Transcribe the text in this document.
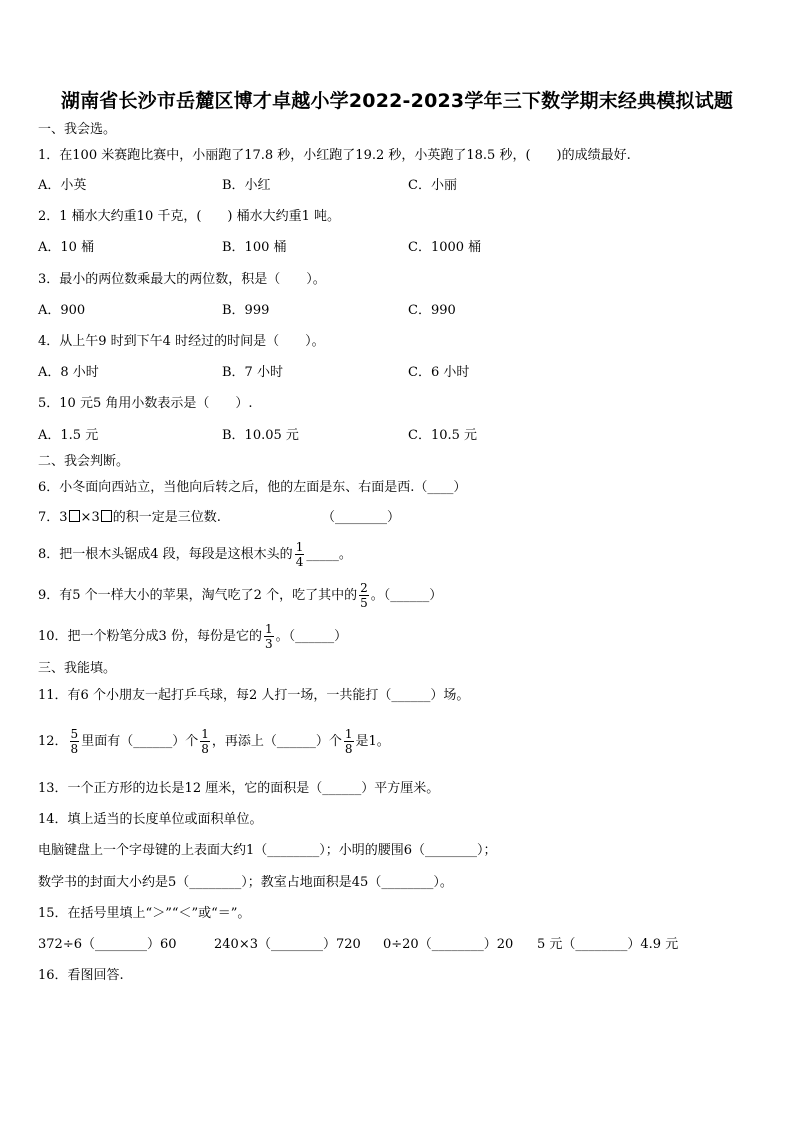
湖南省长沙市岳麓区博才卓越小学2022-2023学年三下数学期末经典模拟试题
一、我会选。
1．在100 米赛跑比赛中，小丽跑了17.8 秒，小红跑了19.2 秒，小英跑了18.5 秒，(　　)的成绩最好.
A．小英	B．小红	C．小丽
2．1 桶水大约重10 千克，(　　) 桶水大约重1 吨。
A．10 桶	B．100 桶	C．1000 桶
3．最小的两位数乘最大的两位数，积是（　　）。
A．900	B．999	C．990
4．从上午9 时到下午4 时经过的时间是（　　）。
A．8 小时	B．7 小时	C．6 小时
5．10 元5 角用小数表示是（　　）.
A．1.5 元	B．10.05 元	C．10.5 元
二、我会判断。
6．小冬面向西站立，当他向后转之后，他的左面是东、右面是西.（____）
7．3 ×3 的积一定是三位数.	（________）
8．把一根木头锯成4 段，每段是这根木头的 $\frac{1}{4}$ _____。
9．有5 个一样大小的苹果，淘气吃了2 个，吃了其中的 $\frac{2}{5}$ 。（______）
10．把一个粉笔分成3 份，每份是它的 $\frac{1}{3}$ 。（______）
三、我能填。
11．有6 个小朋友一起打乒乓球，每2 人打一场，一共能打（______）场。
12． $\frac{5}{8}$ 里面有（______）个 $\frac{1}{8}$ ，再添上（______）个 $\frac{1}{8}$ 是1。
13．一个正方形的边长是12 厘米，它的面积是（______）平方厘米。
14．填上适当的长度单位或面积单位。
电脑键盘上一个字母键的上表面大约1（________）；小明的腰围6（________）；
数学书的封面大小约是5（________）；教室占地面积是45（________）。
15．在括号里填上“＞”“＜”或“＝”。
372÷6（________）60	240×3（________）720 0÷20（________）20 5 元（________）4.9 元
16．看图回答.
